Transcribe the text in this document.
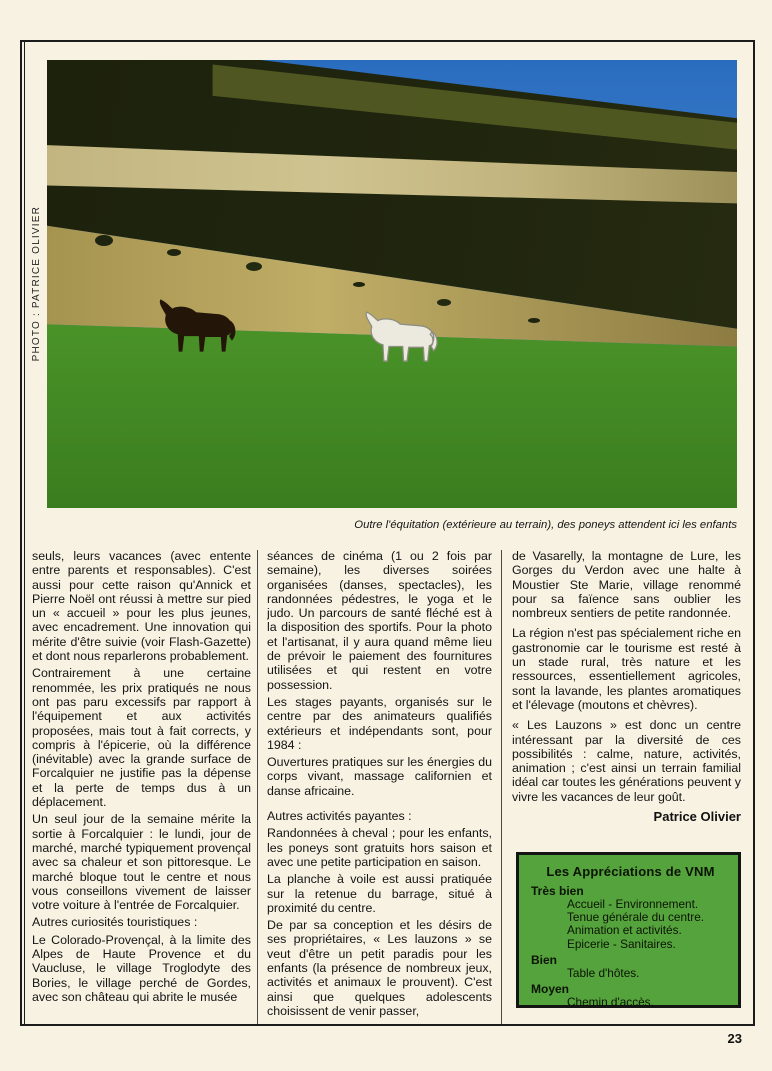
PHOTO : PATRICE OLIVIER
Outre l'équitation (extérieure au terrain), des poneys attendent ici les enfants

seuls, leurs vacances (avec entente entre parents et responsables). C'est aussi pour cette raison qu'Annick et Pierre Noël ont réussi à mettre sur pied un « accueil » pour les plus jeunes, avec encadrement. Une innovation qui mérite d'être suivie (voir Flash-Gazette) et dont nous reparlerons probablement.

Contrairement à une certaine renommée, les prix pratiqués ne nous ont pas paru excessifs par rapport à l'équipement et aux activités proposées, mais tout à fait corrects, y compris à l'épicerie, où la différence (inévitable) avec la grande surface de Forcalquier ne justifie pas la dépense et la perte de temps dus à un déplacement.

Un seul jour de la semaine mérite la sortie à Forcalquier : le lundi, jour de marché, marché typiquement provençal avec sa chaleur et son pittoresque. Le marché bloque tout le centre et nous vous conseillons vivement de laisser votre voiture à l'entrée de Forcalquier.

Autres curiosités touristiques :

Le Colorado-Provençal, à la limite des Alpes de Haute Provence et du Vaucluse, le village Troglodyte des Bories, le village perché de Gordes, avec son château qui abrite le musée

séances de cinéma (1 ou 2 fois par semaine), les diverses soirées organisées (danses, spectacles), les randonnées pédestres, le yoga et le judo. Un parcours de santé fléché est à la disposition des sportifs. Pour la photo et l'artisanat, il y aura quand même lieu de prévoir le paiement des fournitures utilisées et qui restent en votre possession.

Les stages payants, organisés sur le centre par des animateurs qualifiés extérieurs et indépendants sont, pour 1984 :

Ouvertures pratiques sur les énergies du corps vivant, massage californien et danse africaine.

Autres activités payantes :

Randonnées à cheval ; pour les enfants, les poneys sont gratuits hors saison et avec une petite participation en saison.

La planche à voile est aussi pratiquée sur la retenue du barrage, situé à proximité du centre.

De par sa conception et les désirs de ses propriétaires, « Les lauzons » se veut d'être un petit paradis pour les enfants (la présence de nombreux jeux, activités et animaux le prouvent). C'est ainsi que quelques adolescents choisissent de venir passer,

de Vasarelly, la montagne de Lure, les Gorges du Verdon avec une halte à Moustier Ste Marie, village renommé pour sa faïence sans oublier les nombreux sentiers de petite randonnée.

La région n'est pas spécialement riche en gastronomie car le tourisme est resté à un stade rural, très nature et les ressources, essentiellement agricoles, sont la lavande, les plantes aromatiques et l'élevage (moutons et chèvres).

« Les Lauzons » est donc un centre intéressant par la diversité de ces possibilités : calme, nature, activités, animation ; c'est ainsi un terrain familial idéal car toutes les générations peuvent y vivre les vacances de leur goût.

Patrice Olivier
Les Appréciations de VNM
Très bien
Accueil - Environnement.
Tenue générale du centre.
Animation et activités.
Epicerie - Sanitaires.
Bien
Table d'hôtes.
Moyen
Chemin d'accès.
23
